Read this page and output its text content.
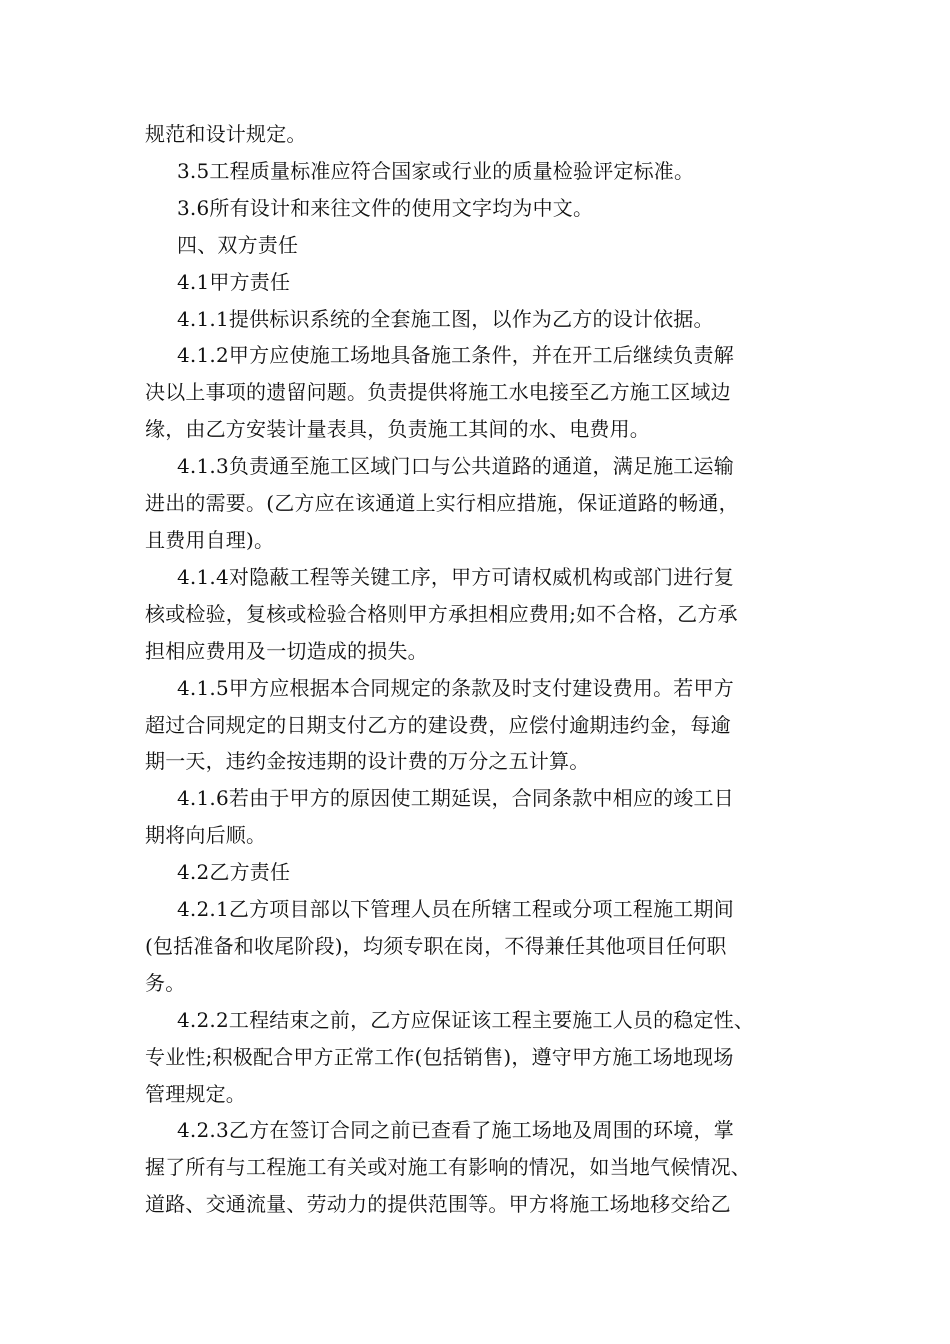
规范和设计规定。
3.5工程质量标准应符合国家或行业的质量检验评定标准。
3.6所有设计和来往文件的使用文字均为中文。
四、双方责任
4.1甲方责任
4.1.1提供标识系统的全套施工图，以作为乙方的设计依据。
4.1.2甲方应使施工场地具备施工条件，并在开工后继续负责解
决以上事项的遗留问题。负责提供将施工水电接至乙方施工区域边
缘，由乙方安装计量表具，负责施工其间的水、电费用。
4.1.3负责通至施工区域门口与公共道路的通道，满足施工运输
进出的需要。(乙方应在该通道上实行相应措施，保证道路的畅通，
且费用自理)。
4.1.4对隐蔽工程等关键工序，甲方可请权威机构或部门进行复
核或检验，复核或检验合格则甲方承担相应费用;如不合格，乙方承
担相应费用及一切造成的损失。
4.1.5甲方应根据本合同规定的条款及时支付建设费用。若甲方
超过合同规定的日期支付乙方的建设费，应偿付逾期违约金，每逾
期一天，违约金按违期的设计费的万分之五计算。
4.1.6若由于甲方的原因使工期延误，合同条款中相应的竣工日
期将向后顺。
4.2乙方责任
4.2.1乙方项目部以下管理人员在所辖工程或分项工程施工期间
(包括准备和收尾阶段)，均须专职在岗，不得兼任其他项目任何职
务。
4.2.2工程结束之前，乙方应保证该工程主要施工人员的稳定性、
专业性;积极配合甲方正常工作(包括销售)，遵守甲方施工场地现场
管理规定。
4.2.3乙方在签订合同之前已查看了施工场地及周围的环境，掌
握了所有与工程施工有关或对施工有影响的情况，如当地气候情况、
道路、交通流量、劳动力的提供范围等。甲方将施工场地移交给乙
